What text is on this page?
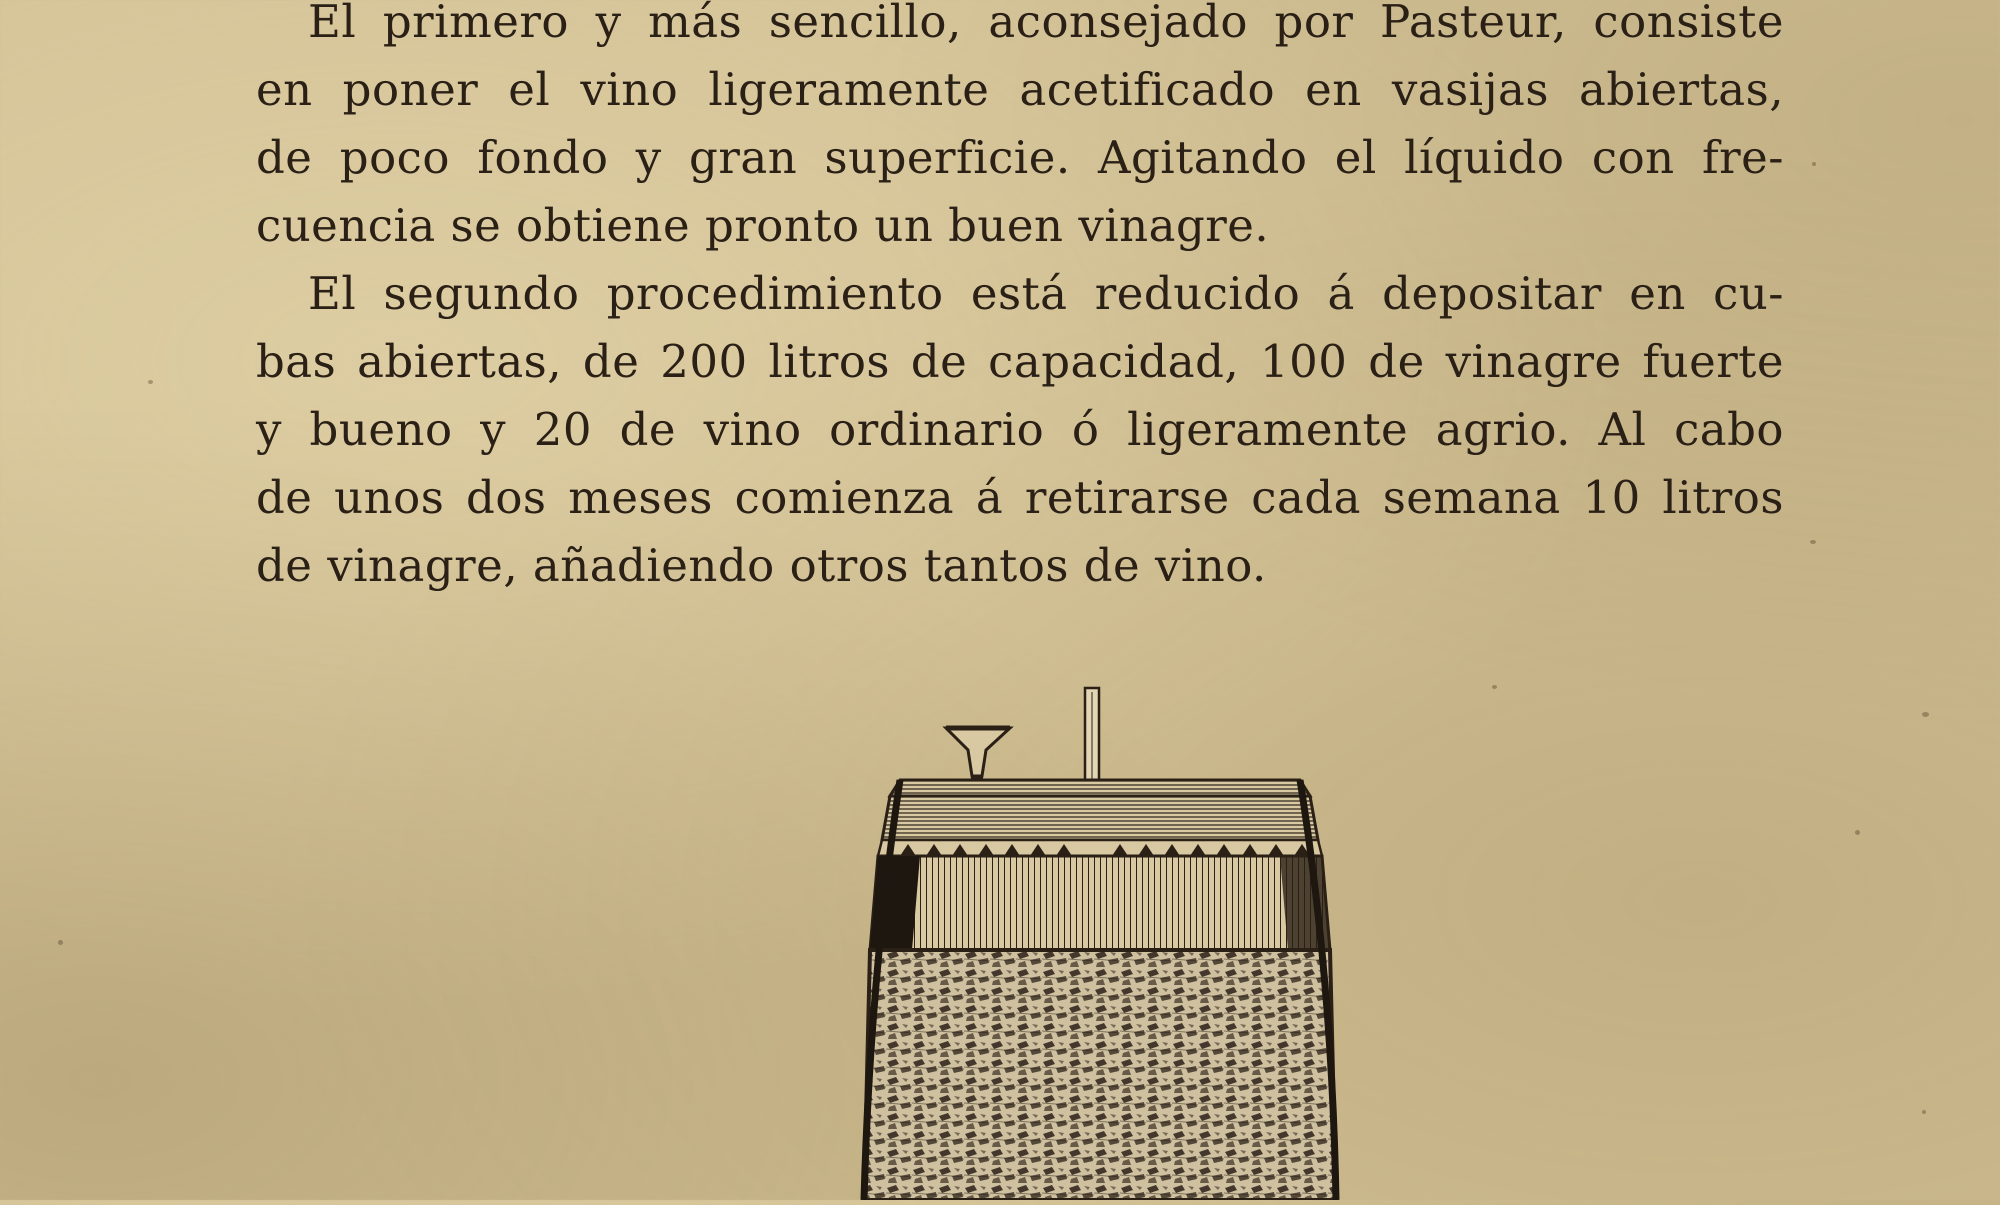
El primero y más sencillo, aconsejado por Pasteur, consiste
en poner el vino ligeramente acetificado en vasijas abiertas,
de poco fondo y gran superficie. Agitando el líquido con fre-
cuencia se obtiene pronto un buen vinagre.

El segundo procedimiento está reducido á depositar en cu-
bas abiertas, de 200 litros de capacidad, 100 de vinagre fuerte
y bueno y 20 de vino ordinario ó ligeramente agrio. Al cabo
de unos dos meses comienza á retirarse cada semana 10 litros
de vinagre, añadiendo otros tantos de vino.
